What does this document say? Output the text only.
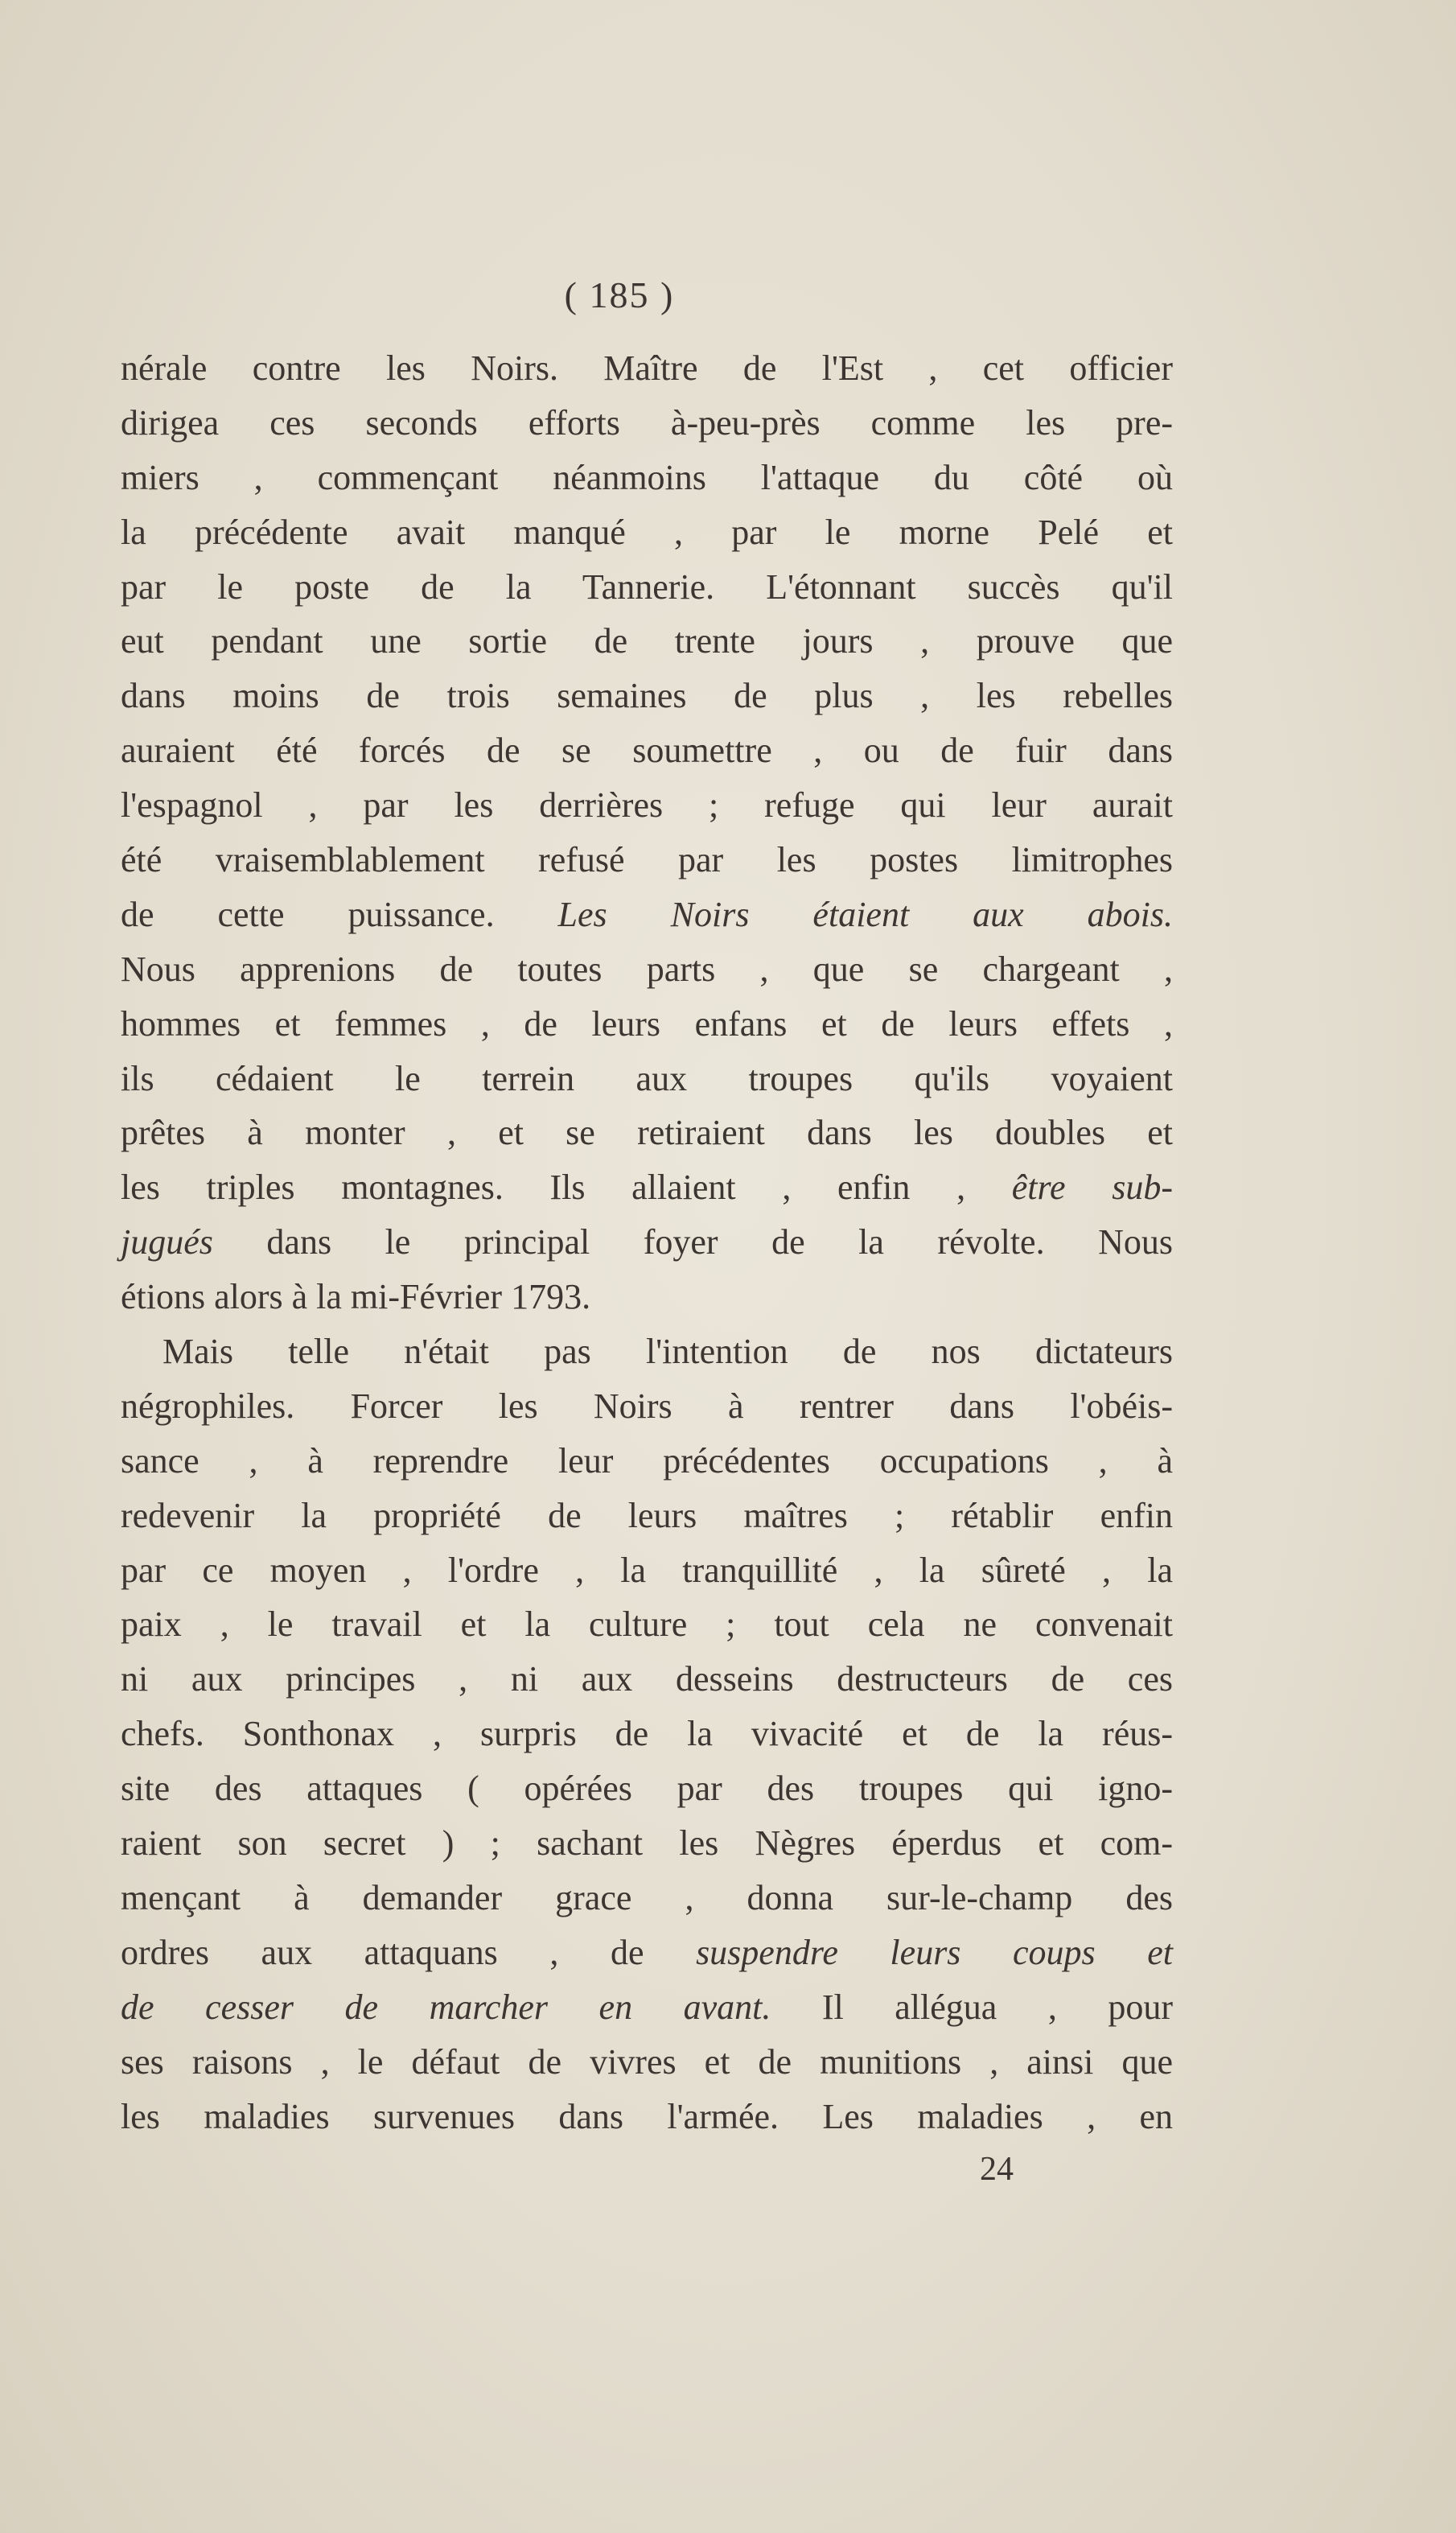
( 185 )
nérale contre les Noirs. Maître de l'Est , cet officier
dirigea ces seconds efforts à-peu-près comme les pre-
miers , commençant néanmoins l'attaque du côté où
la précédente avait manqué , par le morne Pelé et
par le poste de la Tannerie. L'étonnant succès qu'il
eut pendant une sortie de trente jours , prouve que
dans moins de trois semaines de plus , les rebelles
auraient été forcés de se soumettre , ou de fuir dans
l'espagnol , par les derrières ; refuge qui leur aurait
été vraisemblablement refusé par les postes limitrophes
de cette puissance. Les Noirs étaient aux abois.
Nous apprenions de toutes parts , que se chargeant ,
hommes et femmes , de leurs enfans et de leurs effets ,
ils cédaient le terrein aux troupes qu'ils voyaient
prêtes à monter , et se retiraient dans les doubles et
les triples montagnes. Ils allaient , enfin , être sub-
jugués dans le principal foyer de la révolte. Nous
étions alors à la mi-Février 1793.
Mais telle n'était pas l'intention de nos dictateurs
négrophiles. Forcer les Noirs à rentrer dans l'obéis-
sance , à reprendre leur précédentes occupations , à
redevenir la propriété de leurs maîtres ; rétablir enfin
par ce moyen , l'ordre , la tranquillité , la sûreté , la
paix , le travail et la culture ; tout cela ne convenait
ni aux principes , ni aux desseins destructeurs de ces
chefs. Sonthonax , surpris de la vivacité et de la réus-
site des attaques ( opérées par des troupes qui igno-
raient son secret ) ; sachant les Nègres éperdus et com-
mençant à demander grace , donna sur-le-champ des
ordres aux attaquans , de suspendre leurs coups et
de cesser de marcher en avant. Il allégua , pour
ses raisons , le défaut de vivres et de munitions , ainsi que
les maladies survenues dans l'armée. Les maladies , en
24
